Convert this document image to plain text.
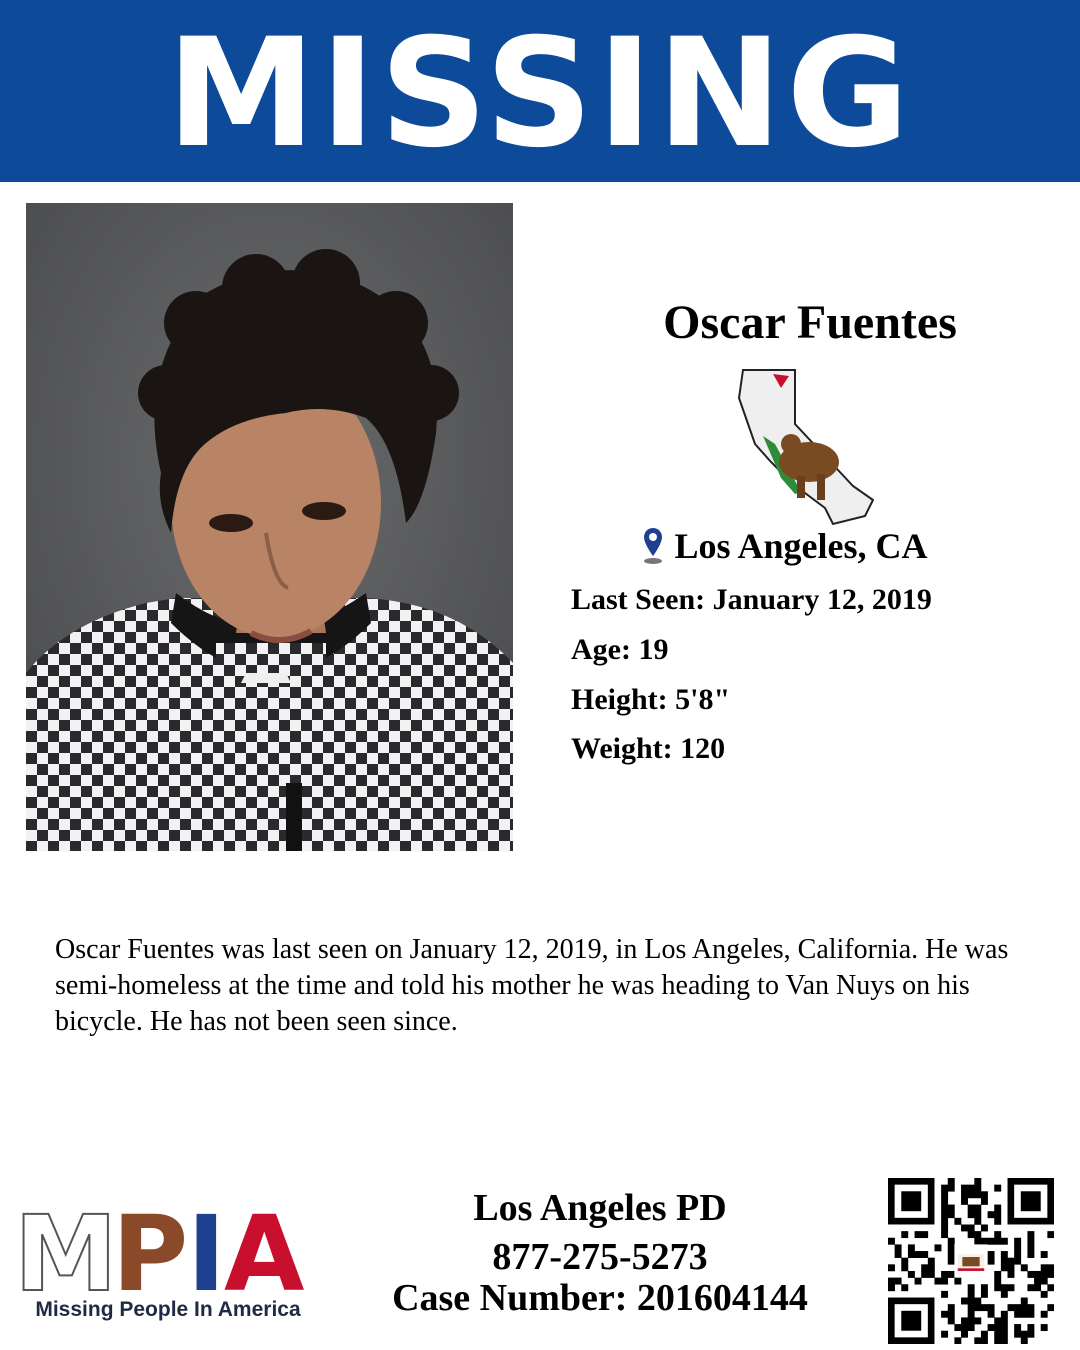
MISSING
Oscar Fuentes
Los Angeles, CA
Last Seen: January 12, 2019
Age: 19
Height: 5'8"
Weight: 120
Oscar Fuentes was last seen on January 12, 2019, in Los Angeles, California. He was semi-homeless at the time and told his mother he was heading to Van Nuys on his bicycle. He has not been seen since.
M
P I
A
Missing People In America
Los Angeles PD
877-275-5273
Case Number: 201604144
